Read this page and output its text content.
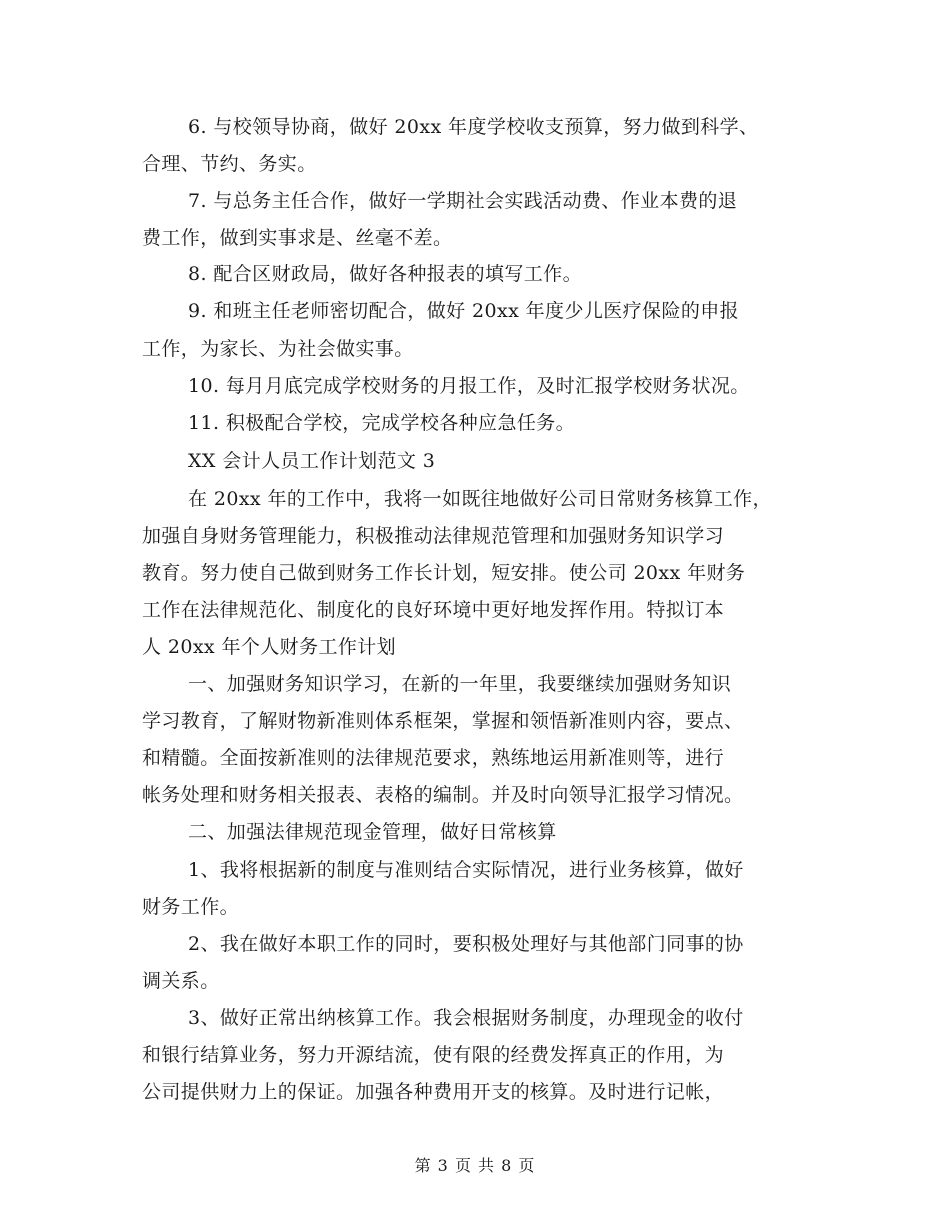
6. 与校领导协商，做好 20xx 年度学校收支预算，努力做到科学、
合理、节约、务实。
7. 与总务主任合作，做好一学期社会实践活动费、作业本费的退
费工作，做到实事求是、丝毫不差。
8. 配合区财政局，做好各种报表的填写工作。
9. 和班主任老师密切配合，做好 20xx 年度少儿医疗保险的申报
工作，为家长、为社会做实事。
10. 每月月底完成学校财务的月报工作，及时汇报学校财务状况。
11. 积极配合学校，完成学校各种应急任务。
XX 会计人员工作计划范文 3
在 20xx 年的工作中，我将一如既往地做好公司日常财务核算工作，
加强自身财务管理能力，积极推动法律规范管理和加强财务知识学习
教育。努力使自己做到财务工作长计划，短安排。使公司 20xx 年财务
工作在法律规范化、制度化的良好环境中更好地发挥作用。特拟订本
人 20xx 年个人财务工作计划
一、加强财务知识学习，在新的一年里，我要继续加强财务知识
学习教育，了解财物新准则体系框架，掌握和领悟新准则内容，要点、
和精髓。全面按新准则的法律规范要求，熟练地运用新准则等，进行
帐务处理和财务相关报表、表格的编制。并及时向领导汇报学习情况。
二、加强法律规范现金管理，做好日常核算
1、我将根据新的制度与准则结合实际情况，进行业务核算，做好
财务工作。
2、我在做好本职工作的同时，要积极处理好与其他部门同事的协
调关系。
3、做好正常出纳核算工作。我会根据财务制度，办理现金的收付
和银行结算业务，努力开源结流，使有限的经费发挥真正的作用，为
公司提供财力上的保证。加强各种费用开支的核算。及时进行记帐，
第 3 页 共 8 页
